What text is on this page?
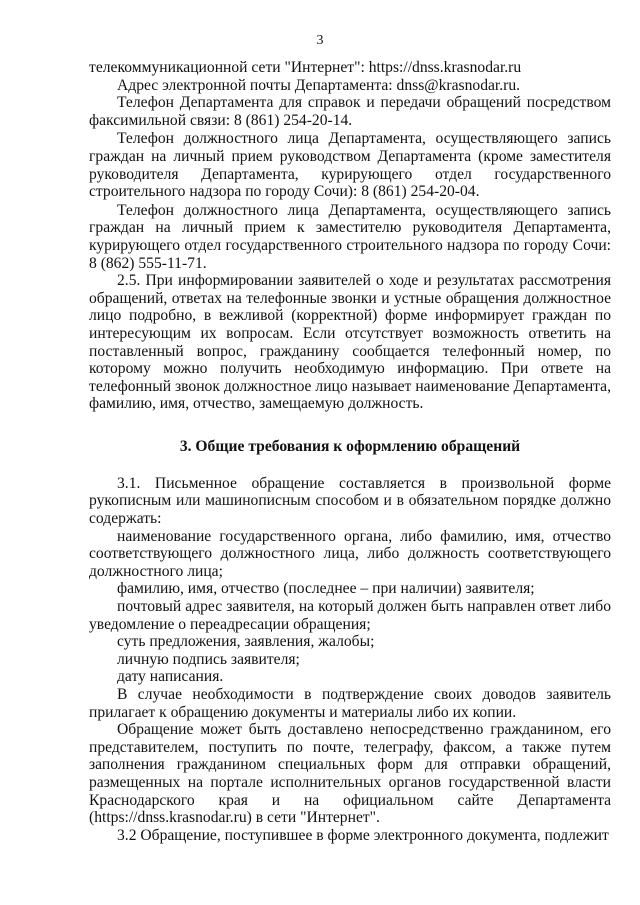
3

телекоммуникационной сети "Интернет": https://dnss.krasnodar.ru

Адрес электронной почты Департамента: dnss@krasnodar.ru.

Телефон Департамента для справок и передачи обращений посредством факсимильной связи: 8 (861) 254-20-14.

Телефон должностного лица Департамента, осуществляющего запись граждан на личный прием руководством Департамента (кроме заместителя руководителя Департамента, курирующего отдел государственного строительного надзора по городу Сочи): 8 (861) 254-20-04.

Телефон должностного лица Департамента, осуществляющего запись граждан на личный прием к заместителю руководителя Департамента, курирующего отдел государственного строительного надзора по городу Сочи: 8 (862) 555-11-71.

2.5. При информировании заявителей о ходе и результатах рассмотрения обращений, ответах на телефонные звонки и устные обращения должностное лицо подробно, в вежливой (корректной) форме информирует граждан по интересующим их вопросам. Если отсутствует возможность ответить на поставленный вопрос, гражданину сообщается телефонный номер, по которому можно получить необходимую информацию. При ответе на телефонный звонок должностное лицо называет наименование Департамента, фамилию, имя, отчество, замещаемую должность.

3. Общие требования к оформлению обращений

3.1. Письменное обращение составляется в произвольной форме рукописным или машинописным способом и в обязательном порядке должно содержать:

наименование государственного органа, либо фамилию, имя, отчество соответствующего должностного лица, либо должность соответствующего должностного лица;

фамилию, имя, отчество (последнее – при наличии) заявителя;

почтовый адрес заявителя, на который должен быть направлен ответ либо уведомление о переадресации обращения;

суть предложения, заявления, жалобы;

личную подпись заявителя;

дату написания.

В случае необходимости в подтверждение своих доводов заявитель прилагает к обращению документы и материалы либо их копии.

Обращение может быть доставлено непосредственно гражданином, его представителем, поступить по почте, телеграфу, факсом, а также путем заполнения гражданином специальных форм для отправки обращений, размещенных на портале исполнительных органов государственной власти Краснодарского края и на официальном сайте Департамента (https://dnss.krasnodar.ru) в сети "Интернет".

3.2 Обращение, поступившее в форме электронного документа, подлежит
